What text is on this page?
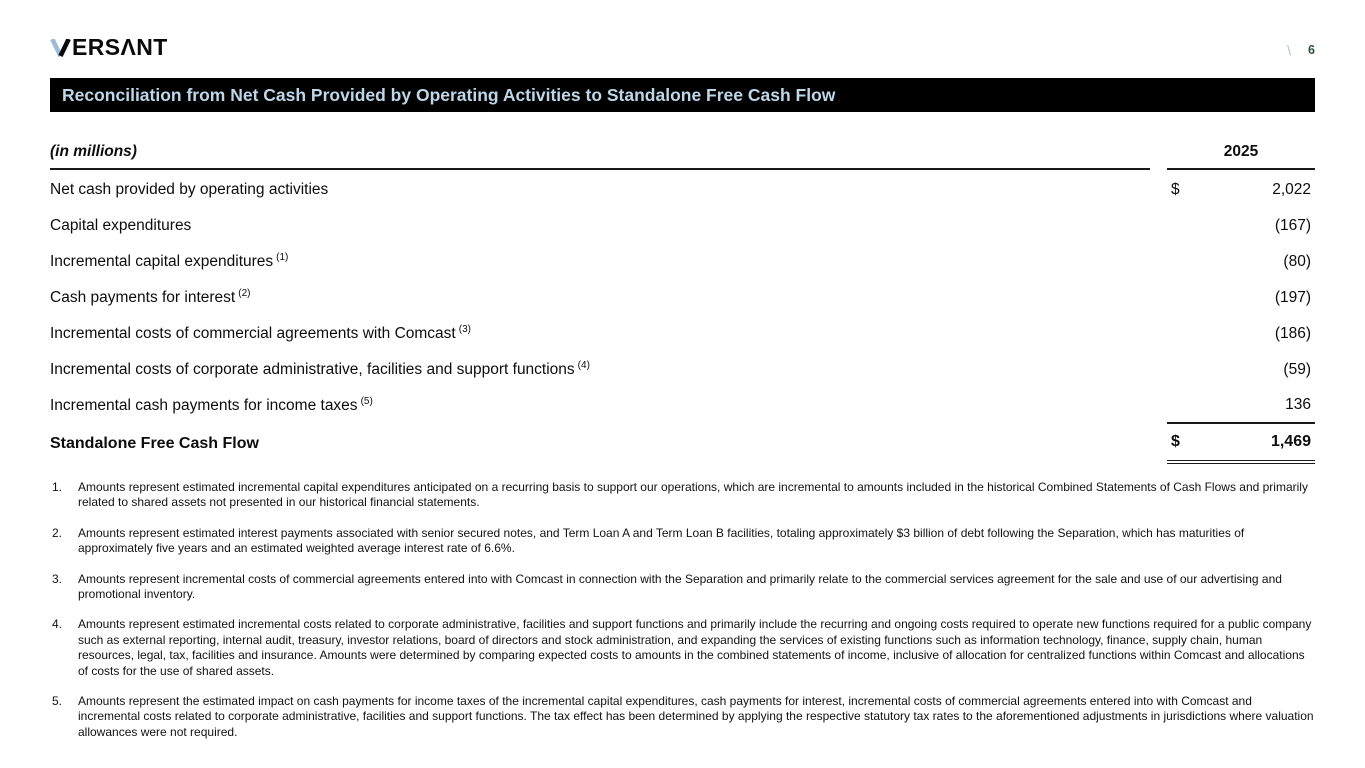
ERSΛNT	\ 6
Reconciliation from Net Cash Provided by Operating Activities to Standalone Free Cash Flow
(in millions)	2025
Net cash provided by operating activities	$	2,022
Capital expenditures	(167)
Incremental capital expenditures $^{(1)}$	(80)
Cash payments for interest $^{(2)}$	(197)
Incremental costs of commercial agreements with Comcast $^{(3)}$	(186)
Incremental costs of corporate administrative, facilities and support functions $^{(4)}$	(59)
Incremental cash payments for income taxes $^{(5)}$	136
Standalone Free Cash Flow	$	1,469
1.	Amounts represent estimated incremental capital expenditures anticipated on a recurring basis to support our operations, which are incremental to amounts included in the historical Combined Statements of Cash Flows and primarily related to shared assets not presented in our historical financial statements.
2.	Amounts represent estimated interest payments associated with senior secured notes, and Term Loan A and Term Loan B facilities, totaling approximately $3 billion of debt following the Separation, which has maturities of approximately five years and an estimated weighted average interest rate of 6.6%.
3.	Amounts represent incremental costs of commercial agreements entered into with Comcast in connection with the Separation and primarily relate to the commercial services agreement for the sale and use of our advertising and promotional inventory.
4.	Amounts represent estimated incremental costs related to corporate administrative, facilities and support functions and primarily include the recurring and ongoing costs required to operate new functions required for a public company such as external reporting, internal audit, treasury, investor relations, board of directors and stock administration, and expanding the services of existing functions such as information technology, finance, supply chain, human resources, legal, tax, facilities and insurance. Amounts were determined by comparing expected costs to amounts in the combined statements of income, inclusive of allocation for centralized functions within Comcast and allocations of costs for the use of shared assets.
5.	Amounts represent the estimated impact on cash payments for income taxes of the incremental capital expenditures, cash payments for interest, incremental costs of commercial agreements entered into with Comcast and incremental costs related to corporate administrative, facilities and support functions. The tax effect has been determined by applying the respective statutory tax rates to the aforementioned adjustments in jurisdictions where valuation allowances were not required.
